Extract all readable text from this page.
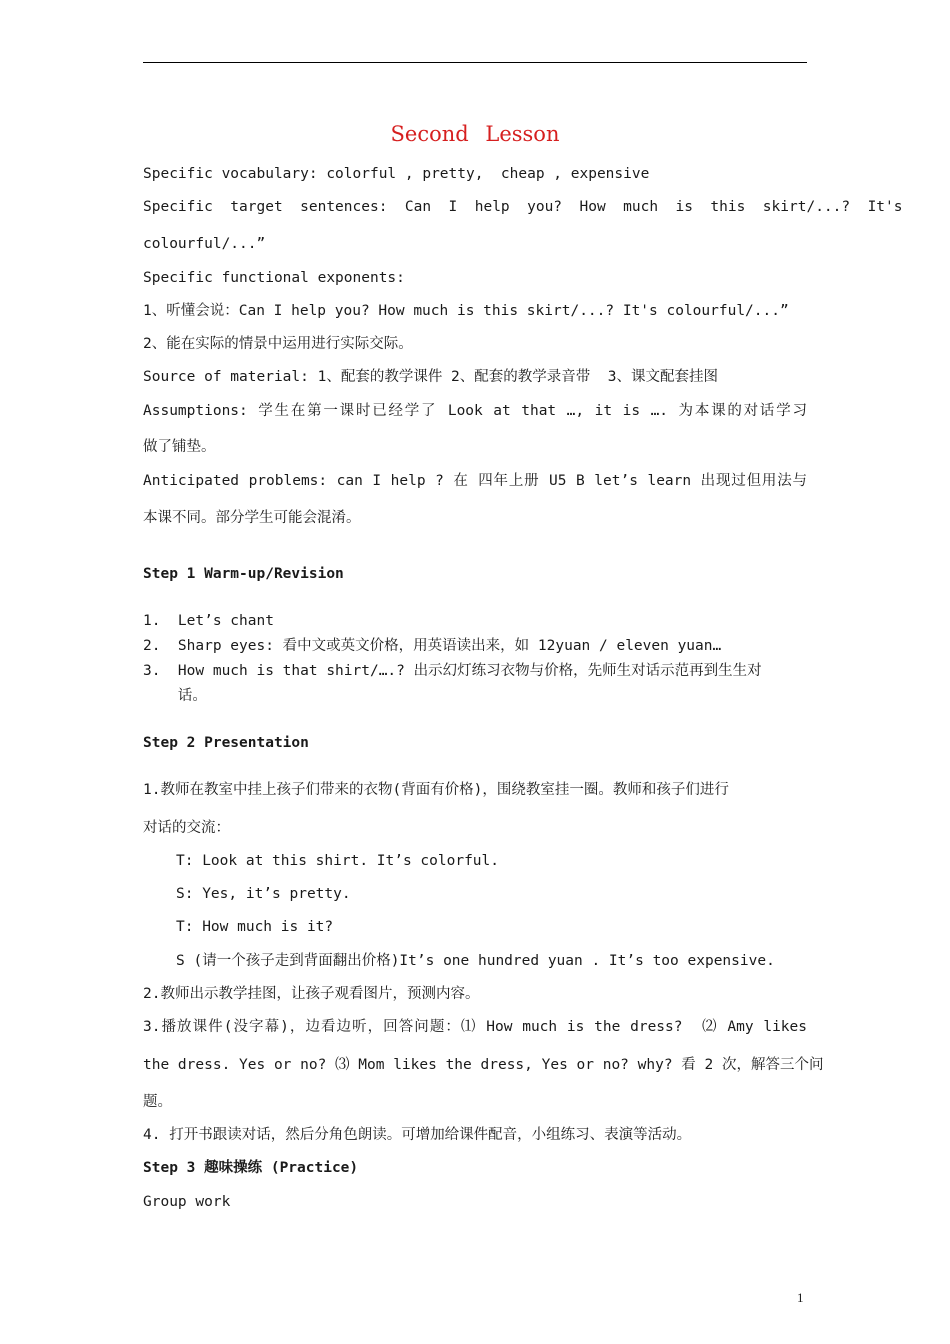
Second Lesson
Specific vocabulary: colorful , pretty,  cheap , expensive
Specific  target  sentences:  Can  I  help  you?  How  much  is  this  skirt/...?  It's
colourful/...”
Specific functional exponents:
1、听懂会说：Can I help you? How much is this skirt/...? It's colourful/...”
2、能在实际的情景中运用进行实际交际。
Source of material: 1、配套的教学课件 2、配套的教学录音带  3、课文配套挂图
Assumptions: 学生在第一课时已经学了 Look at that …, it is …. 为本课的对话学习
做了铺垫。
Anticipated problems: can I help ? 在 四年上册 U5 B let’s learn 出现过但用法与
本课不同。部分学生可能会混淆。
Step 1 Warm-up/Revision
1.  Let’s chant
2.  Sharp eyes: 看中文或英文价格，用英语读出来，如 12yuan / eleven yuan…
3.  How much is that shirt/….? 出示幻灯练习衣物与价格，先师生对话示范再到生生对
话。
Step 2 Presentation
1.教师在教室中挂上孩子们带来的衣物(背面有价格)，围绕教室挂一圈。教师和孩子们进行
对话的交流：
T: Look at this shirt. It’s colorful.
S: Yes, it’s pretty.
T: How much is it?
S (请一个孩子走到背面翻出价格)It’s one hundred yuan . It’s too expensive.
2.教师出示教学挂图，让孩子观看图片，预测内容。
3.播放课件(没字幕)，边看边听，回答问题：⑴ How much is the dress?  ⑵ Amy likes
the dress. Yes or no? ⑶ Mom likes the dress, Yes or no? why? 看 2 次，解答三个问
题。
4. 打开书跟读对话，然后分角色朗读。可增加给课件配音，小组练习、表演等活动。
Step 3 趣味操练 (Practice)
Group work
1
